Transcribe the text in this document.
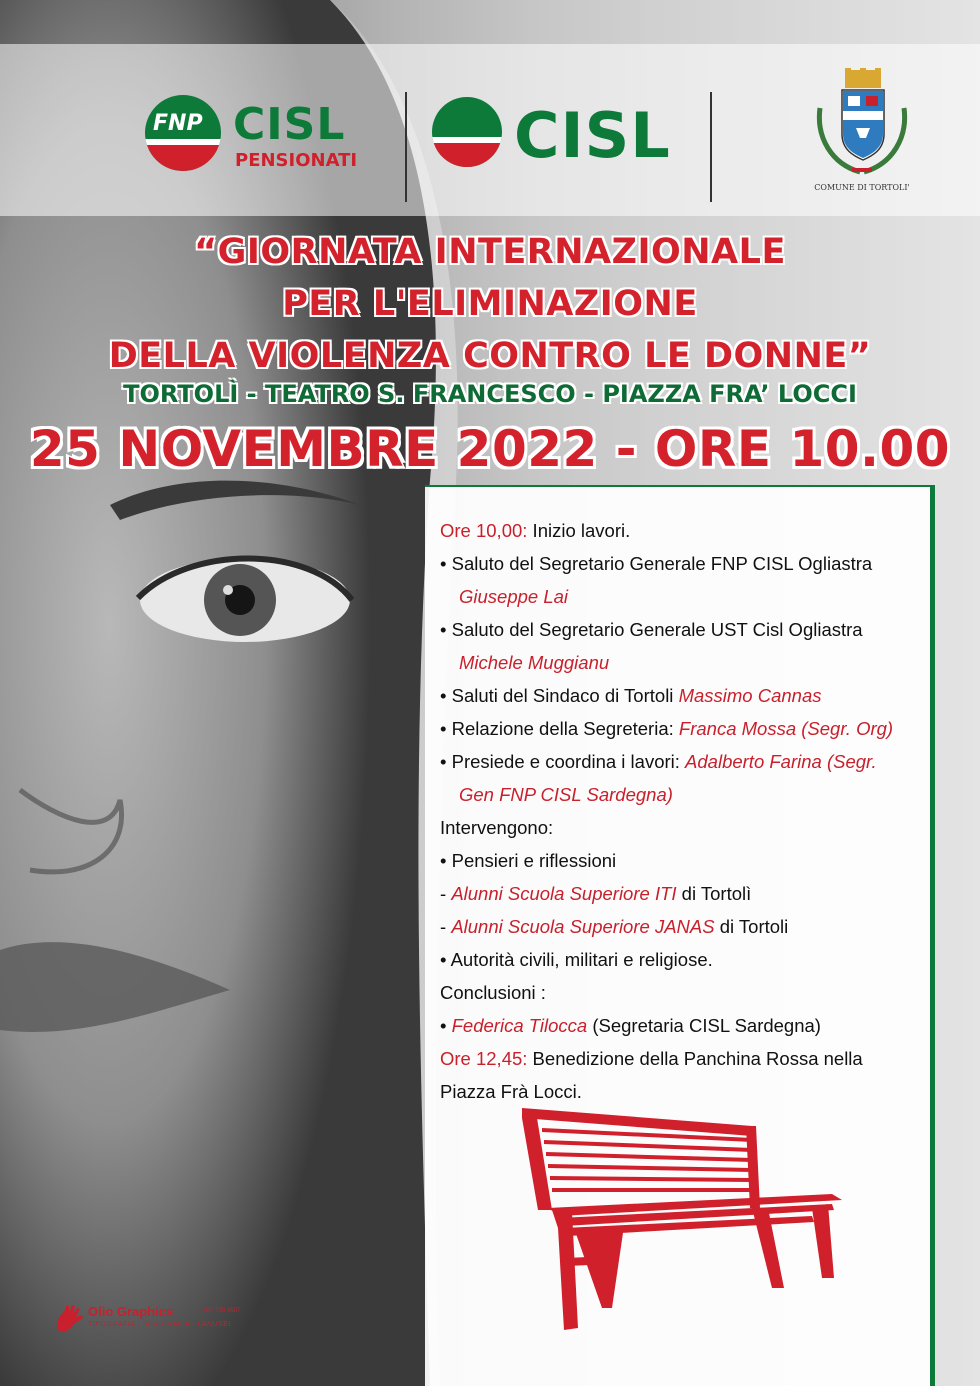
FNP CISL
PENSIONATI	CISL
COMUNE DI TORTOLI'
“GIORNATA INTERNAZIONALE
PER L'ELIMINAZIONE
DELLA VIOLENZA CONTRO LE DONNE”
TORTOLÌ - TEATRO S. FRANCESCO - PIAZZA FRA’ LOCCI
25 NOVEMBRE 2022 - ORE 10.00
Ore 10,00: Inizio lavori.
• Saluto del Segretario Generale FNP CISL Ogliastra
Giuseppe Lai
• Saluto del Segretario Generale UST Cisl Ogliastra
Michele Muggianu
• Saluti del Sindaco di Tortoli Massimo Cannas
• Relazione della Segreteria: Franca Mossa (Segr. Org)
• Presiede e coordina i lavori: Adalberto Farina (Segr.
Gen FNP CISL Sardegna)
Intervengono:
• Pensieri e riflessioni
- Alunni Scuola Superiore ITI di Tortolì
- Alunni Scuola Superiore JANAS di Tortoli
• Autorità civili, militari e religiose.
Conclusioni :
• Federica Tilocca (Segretaria CISL Sardegna)
Ore 12,45: Benedizione della Panchina Rossa nella
Piazza Frà Locci.
Olio Graphics	- 327 790 4507
TIPOGRAFIA - SERIGRAFIA - LANUSEI
